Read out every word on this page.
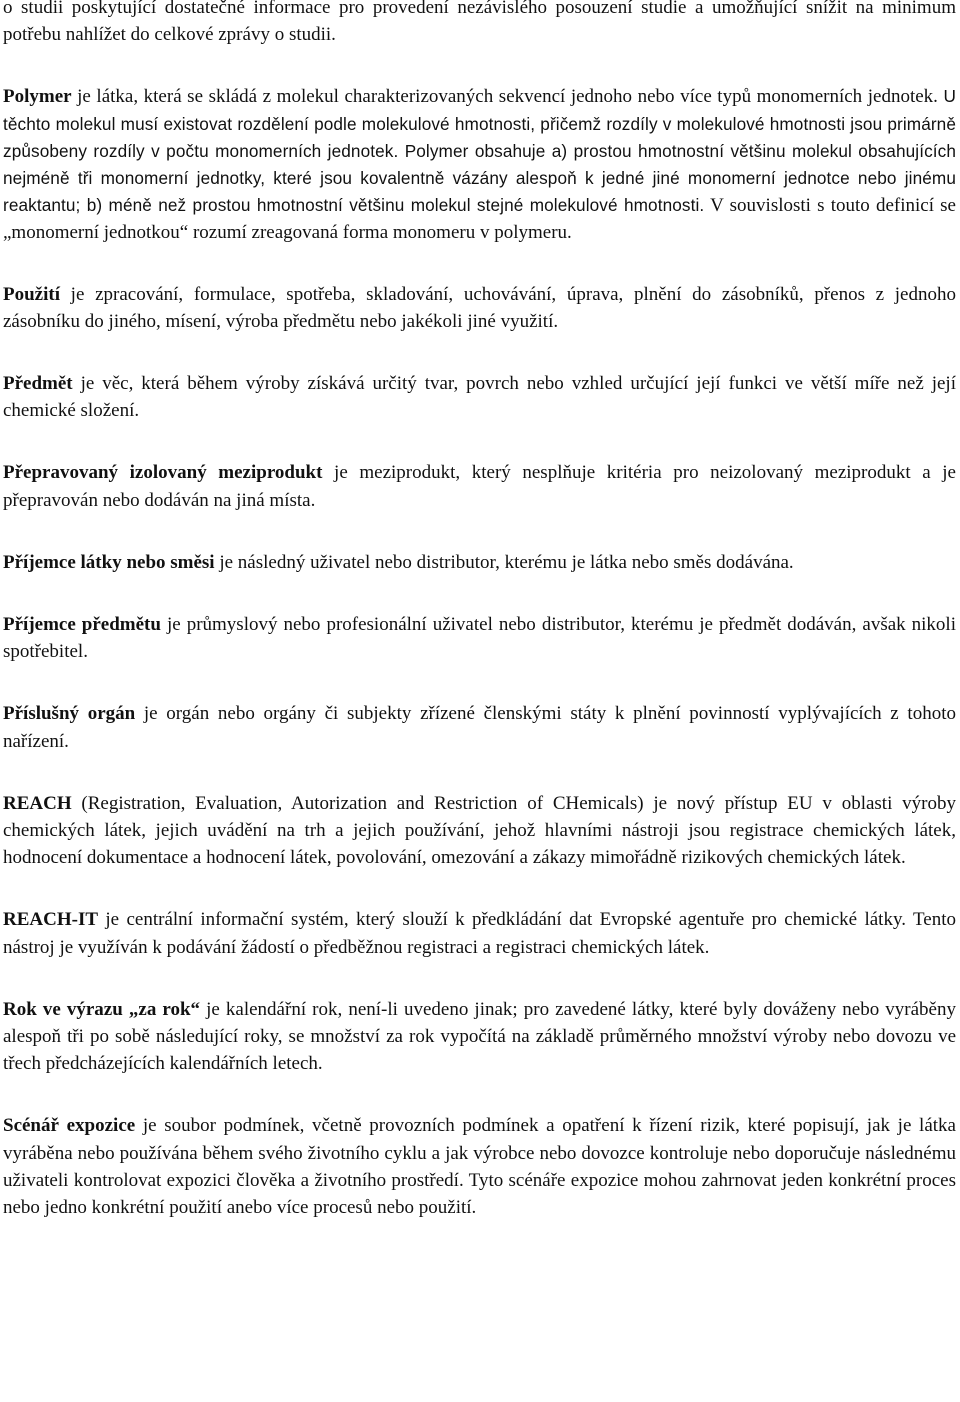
o studii poskytující dostatečné informace pro provedení nezávislého posouzení studie a umožňující snížit na minimum potřebu nahlížet do celkové zprávy o studii.

Polymer je látka, která se skládá z molekul charakterizovaných sekvencí jednoho nebo více typů monomerních jednotek. U těchto molekul musí existovat rozdělení podle molekulové hmotnosti, přičemž rozdíly v molekulové hmotnosti jsou primárně způsobeny rozdíly v počtu monomerních jednotek. Polymer obsahuje a) prostou hmotnostní většinu molekul obsahujících nejméně tři monomerní jednotky, které jsou kovalentně vázány alespoň k jedné jiné monomerní jednotce nebo jinému reaktantu; b) méně než prostou hmotnostní většinu molekul stejné molekulové hmotnosti. V souvislosti s touto definicí se „monomerní jednotkou“ rozumí zreagovaná forma monomeru v polymeru.

Použití je zpracování, formulace, spotřeba, skladování, uchovávání, úprava, plnění do zásobníků, přenos z jednoho zásobníku do jiného, mísení, výroba předmětu nebo jakékoli jiné využití.

Předmět je věc, která během výroby získává určitý tvar, povrch nebo vzhled určující její funkci ve větší míře než její chemické složení.

Přepravovaný izolovaný meziprodukt je meziprodukt, který nesplňuje kritéria pro neizolovaný meziprodukt a je přepravován nebo dodáván na jiná místa.

Příjemce látky nebo směsi je následný uživatel nebo distributor, kterému je látka nebo směs dodávána.

Příjemce předmětu je průmyslový nebo profesionální uživatel nebo distributor, kterému je předmět dodáván, avšak nikoli spotřebitel.

Příslušný orgán je orgán nebo orgány či subjekty zřízené členskými státy k plnění povinností vyplývajících z tohoto nařízení.

REACH (Registration, Evaluation, Autorization and Restriction of CHemicals) je nový přístup EU v oblasti výroby chemických látek, jejich uvádění na trh a jejich používání, jehož hlavními nástroji jsou registrace chemických látek, hodnocení dokumentace a hodnocení látek, povolování, omezování a zákazy mimořádně rizikových chemických látek.

REACH-IT je centrální informační systém, který slouží k předkládání dat Evropské agentuře pro chemické látky. Tento nástroj je využíván k podávání žádostí o předběžnou registraci a registraci chemických látek.

Rok ve výrazu „za rok“ je kalendářní rok, není-li uvedeno jinak; pro zavedené látky, které byly dováženy nebo vyráběny alespoň tři po sobě následující roky, se množství za rok vypočítá na základě průměrného množství výroby nebo dovozu ve třech předcházejících kalendářních letech.

Scénář expozice je soubor podmínek, včetně provozních podmínek a opatření k řízení rizik, které popisují, jak je látka vyráběna nebo používána během svého životního cyklu a jak výrobce nebo dovozce kontroluje nebo doporučuje následnému uživateli kontrolovat expozici člověka a životního prostředí. Tyto scénáře expozice mohou zahrnovat jeden konkrétní proces nebo jedno konkrétní použití anebo více procesů nebo použití.
